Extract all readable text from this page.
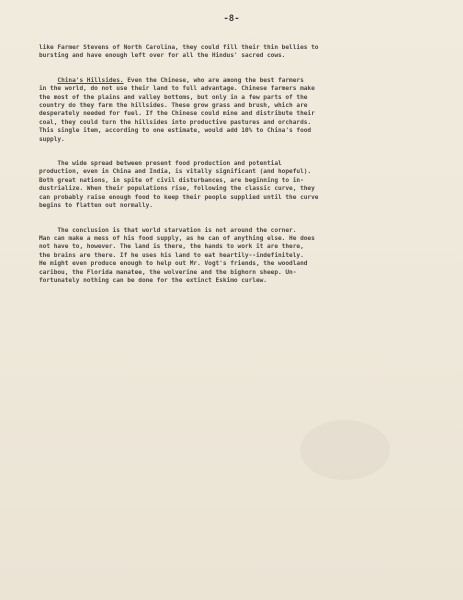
-8-

like Farmer Stevens of North Carolina, they could fill their thin bellies to
bursting and have enough left over for all the Hindus' sacred cows.

China's Hillsides. Even the Chinese, who are among the best farmers
in the world, do not use their land to full advantage. Chinese farmers make
the most of the plains and valley bottoms, but only in a few parts of the
country do they farm the hillsides. These grow grass and brush, which are
desperately needed for fuel. If the Chinese could mine and distribute their
coal, they could turn the hillsides into productive pastures and orchards.
This single item, according to one estimate, would add 10% to China's food
supply.

The wide spread between present food production and potential
production, even in China and India, is vitally significant (and hopeful).
Both great nations, in spite of civil disturbances, are beginning to in-
dustrialize. When their populations rise, following the classic curve, they
can probably raise enough food to keep their people supplied until the curve
begins to flatten out normally.

The conclusion is that world starvation is not around the corner.
Man can make a mess of his food supply, as he can of anything else. He does
not have to, however. The land is there, the hands to work it are there,
the brains are there. If he uses his land to eat heartily--indefinitely.
He might even produce enough to help out Mr. Vogt's friends, the woodland
caribou, the Florida manatee, the wolverine and the bighorn sheep. Un-
fortunately nothing can be done for the extinct Eskimo curlew.
